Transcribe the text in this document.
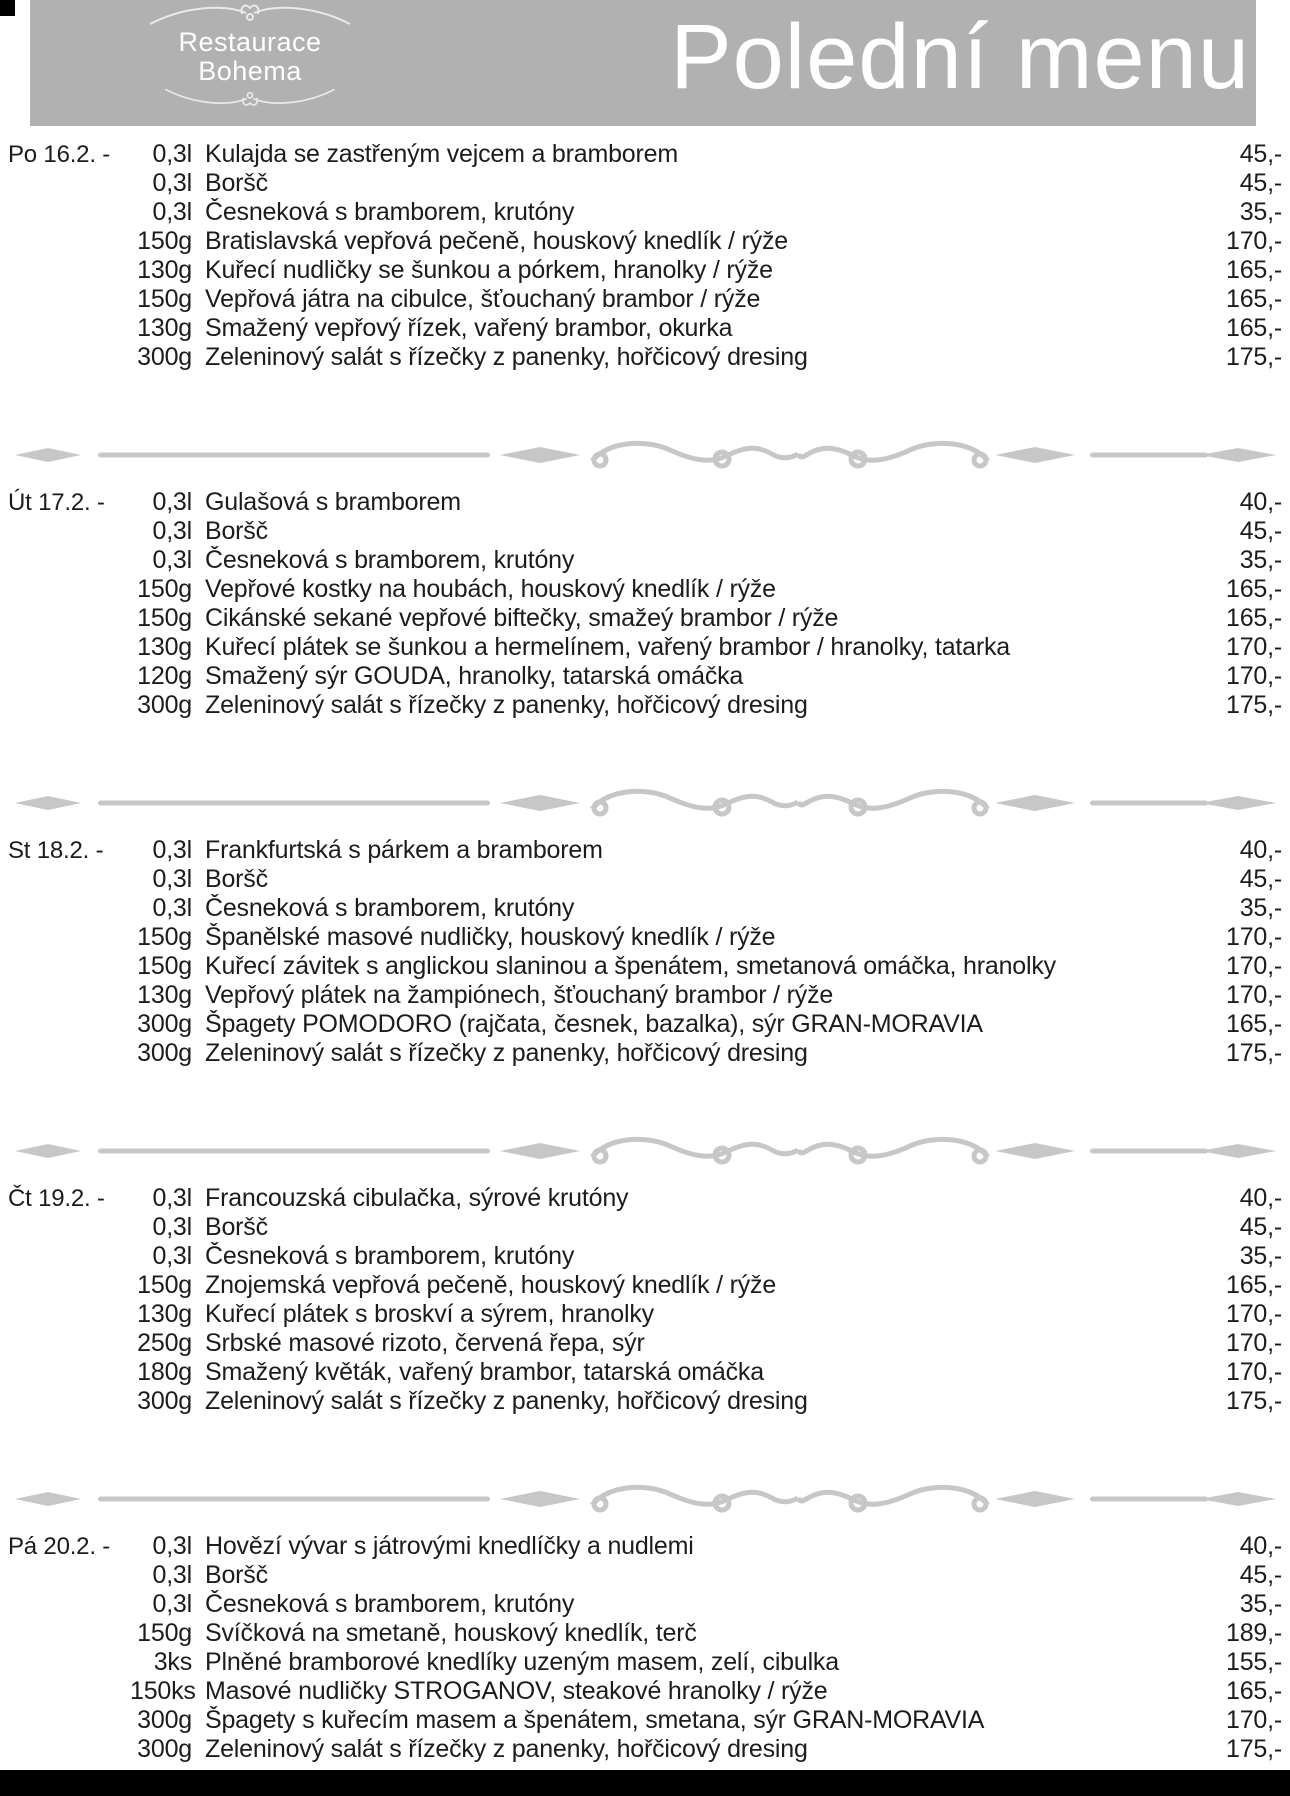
Restaurace
Bohema	Polední menu
Po 16.2. -	0,3l Kulajda se zastřeným vejcem a bramborem	45,-
0,3l Boršč	45,-
0,3l Česneková s bramborem, krutóny	35,-
150g Bratislavská vepřová pečeně, houskový knedlík / rýže	170,-
130g Kuřecí nudličky se šunkou a pórkem, hranolky / rýže	165,-
150g Vepřová játra na cibulce, šťouchaný brambor / rýže	165,-
130g Smažený vepřový řízek, vařený brambor, okurka	165,-
300g Zeleninový salát s řízečky z panenky, hořčicový dresing	175,-
Út 17.2. -	0,3l Gulašová s bramborem	40,-
0,3l Boršč	45,-
0,3l Česneková s bramborem, krutóny	35,-
150g Vepřové kostky na houbách, houskový knedlík / rýže	165,-
150g Cikánské sekané vepřové biftečky, smažeý brambor / rýže	165,-
130g Kuřecí plátek se šunkou a hermelínem, vařený brambor / hranolky, tatarka	170,-
120g Smažený sýr GOUDA, hranolky, tatarská omáčka	170,-
300g Zeleninový salát s řízečky z panenky, hořčicový dresing	175,-
St 18.2. -	0,3l Frankfurtská s párkem a bramborem	40,-
0,3l Boršč	45,-
0,3l Česneková s bramborem, krutóny	35,-
150g Španělské masové nudličky, houskový knedlík / rýže	170,-
150g Kuřecí závitek s anglickou slaninou a špenátem, smetanová omáčka, hranolky	170,-
130g Vepřový plátek na žampiónech, šťouchaný brambor / rýže	170,-
300g Špagety POMODORO (rajčata, česnek, bazalka), sýr GRAN-MORAVIA	165,-
300g Zeleninový salát s řízečky z panenky, hořčicový dresing	175,-
Čt 19.2. -	0,3l Francouzská cibulačka, sýrové krutóny	40,-
0,3l Boršč	45,-
0,3l Česneková s bramborem, krutóny	35,-
150g Znojemská vepřová pečeně, houskový knedlík / rýže	165,-
130g Kuřecí plátek s broskví a sýrem, hranolky	170,-
250g Srbské masové rizoto, červená řepa, sýr	170,-
180g Smažený květák, vařený brambor, tatarská omáčka	170,-
300g Zeleninový salát s řízečky z panenky, hořčicový dresing	175,-
Pá 20.2. -	0,3l Hovězí vývar s játrovými knedlíčky a nudlemi	40,-
0,3l Boršč	45,-
0,3l Česneková s bramborem, krutóny	35,-
150g Svíčková na smetaně, houskový knedlík, terč	189,-
3ks Plněné bramborové knedlíky uzeným masem, zelí, cibulka	155,-
150ks Masové nudličky STROGANOV, steakové hranolky / rýže	165,-
300g Špagety s kuřecím masem a špenátem, smetana, sýr GRAN-MORAVIA	170,-
300g Zeleninový salát s řízečky z panenky, hořčicový dresing	175,-
